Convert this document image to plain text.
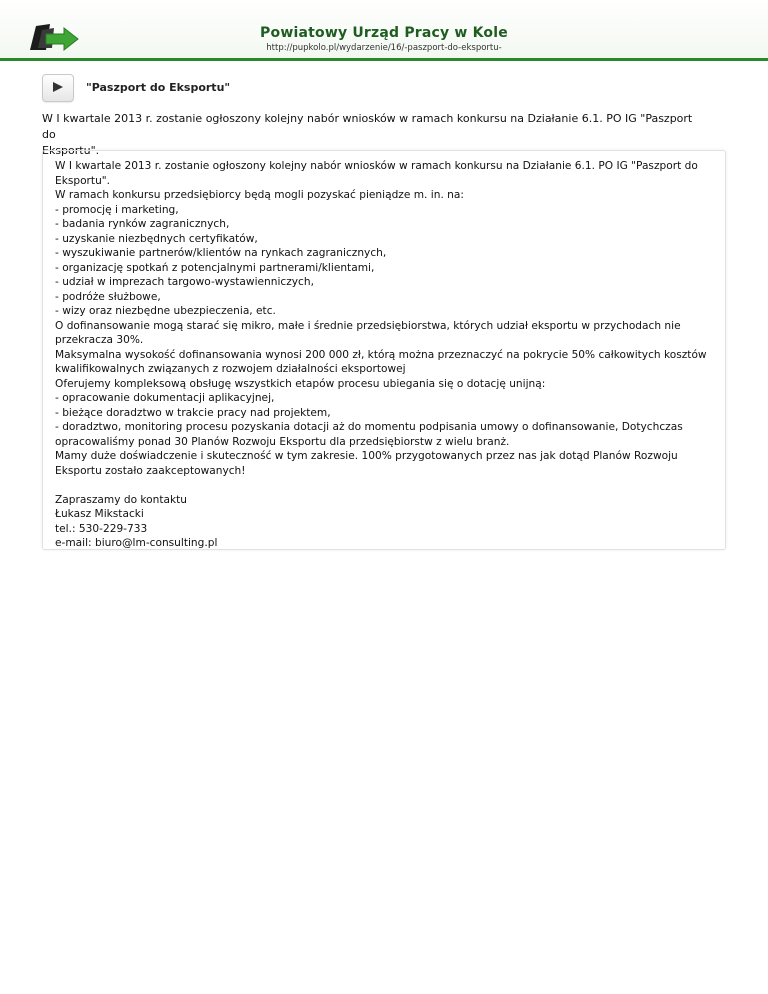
Powiatowy Urząd Pracy w Kole
http://pupkolo.pl/wydarzenie/16/-paszport-do-eksportu-
"Paszport do Eksportu"
W I kwartale 2013 r. zostanie ogłoszony kolejny nabór wniosków w ramach konkursu na Działanie 6.1. PO IG "Paszport do
Eksportu".
W I kwartale 2013 r. zostanie ogłoszony kolejny nabór wniosków w ramach konkursu na Działanie 6.1. PO IG "Paszport do
Eksportu".
W ramach konkursu przedsiębiorcy będą mogli pozyskać pieniądze m. in. na:
- promocję i marketing,
- badania rynków zagranicznych,
- uzyskanie niezbędnych certyfikatów,
- wyszukiwanie partnerów/klientów na rynkach zagranicznych,
- organizację spotkań z potencjalnymi partnerami/klientami,
- udział w imprezach targowo-wystawienniczych,
- podróże służbowe,
- wizy oraz niezbędne ubezpieczenia, etc.
O dofinansowanie mogą starać się mikro, małe i średnie przedsiębiorstwa, których udział eksportu w przychodach nie
przekracza 30%.
Maksymalna wysokość dofinansowania wynosi 200 000 zł, którą można przeznaczyć na pokrycie 50% całkowitych kosztów
kwalifikowalnych związanych z rozwojem działalności eksportowej
Oferujemy kompleksową obsługę wszystkich etapów procesu ubiegania się o dotację unijną:
- opracowanie dokumentacji aplikacyjnej,
- bieżące doradztwo w trakcie pracy nad projektem,
- doradztwo, monitoring procesu pozyskania dotacji aż do momentu podpisania umowy o dofinansowanie, Dotychczas
opracowaliśmy ponad 30 Planów Rozwoju Eksportu dla przedsiębiorstw z wielu branż.
Mamy duże doświadczenie i skuteczność w tym zakresie. 100% przygotowanych przez nas jak dotąd Planów Rozwoju
Eksportu zostało zaakceptowanych!
Zapraszamy do kontaktu
Łukasz Mikstacki
tel.: 530-229-733
e-mail: biuro@lm-consulting.pl
